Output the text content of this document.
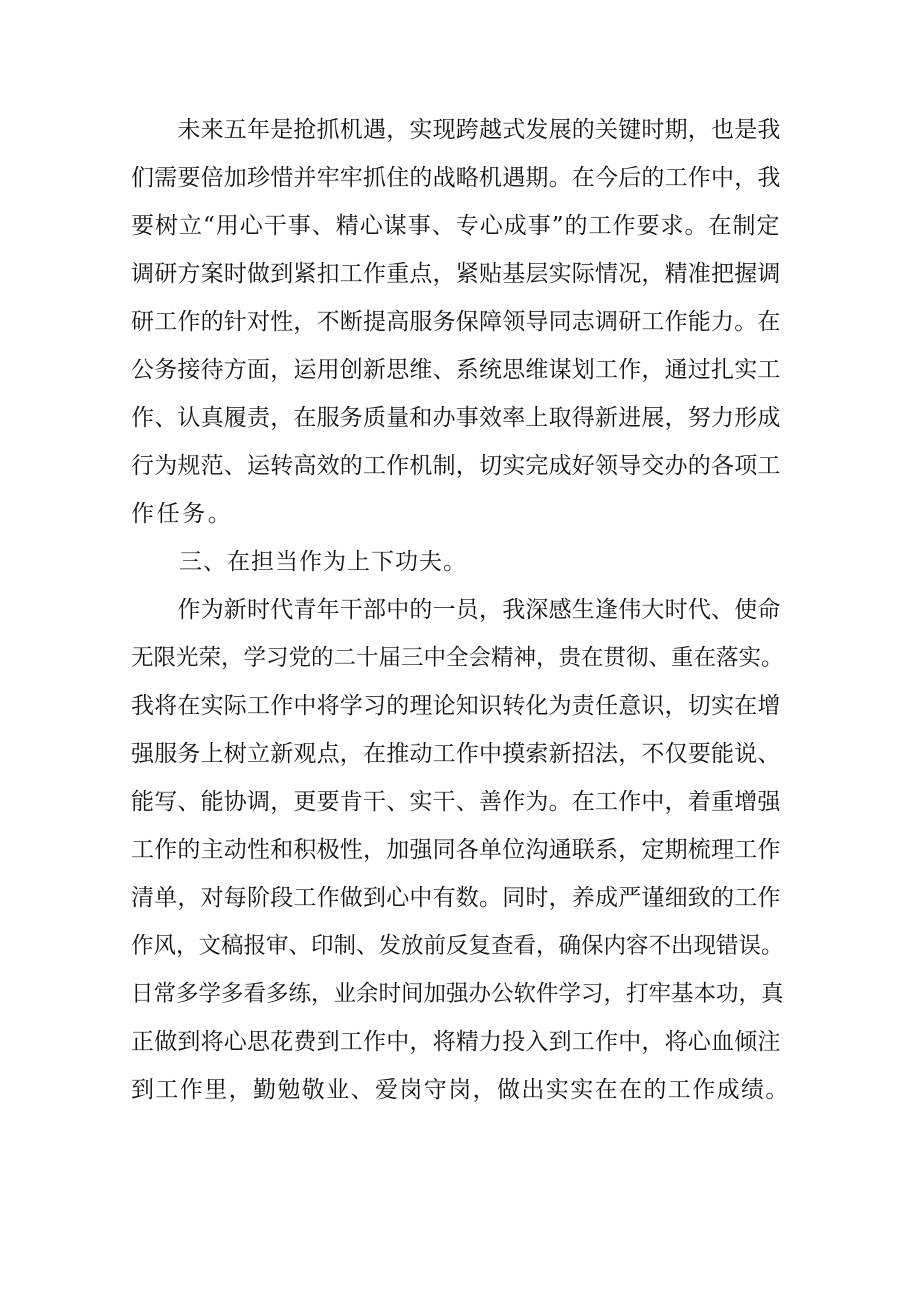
　　未来五年是抢抓机遇，实现跨越式发展的关键时期，也是我
们需要倍加珍惜并牢牢抓住的战略机遇期。在今后的工作中，我
要树立“用心干事、精心谋事、专心成事”的工作要求。在制定
调研方案时做到紧扣工作重点，紧贴基层实际情况，精准把握调
研工作的针对性，不断提高服务保障领导同志调研工作能力。在
公务接待方面，运用创新思维、系统思维谋划工作，通过扎实工
作、认真履责，在服务质量和办事效率上取得新进展，努力形成
行为规范、运转高效的工作机制，切实完成好领导交办的各项工
作任务。
　　三、在担当作为上下功夫。
　　作为新时代青年干部中的一员，我深感生逢伟大时代、使命
无限光荣，学习党的二十届三中全会精神，贵在贯彻、重在落实。
我将在实际工作中将学习的理论知识转化为责任意识，切实在增
强服务上树立新观点，在推动工作中摸索新招法，不仅要能说、
能写、能协调，更要肯干、实干、善作为。在工作中，着重增强
工作的主动性和积极性，加强同各单位沟通联系，定期梳理工作
清单，对每阶段工作做到心中有数。同时，养成严谨细致的工作
作风，文稿报审、印制、发放前反复查看，确保内容不出现错误。
日常多学多看多练，业余时间加强办公软件学习，打牢基本功，真
正做到将心思花费到工作中，将精力投入到工作中，将心血倾注
到工作里，勤勉敬业、爱岗守岗，做出实实在在的工作成绩。
